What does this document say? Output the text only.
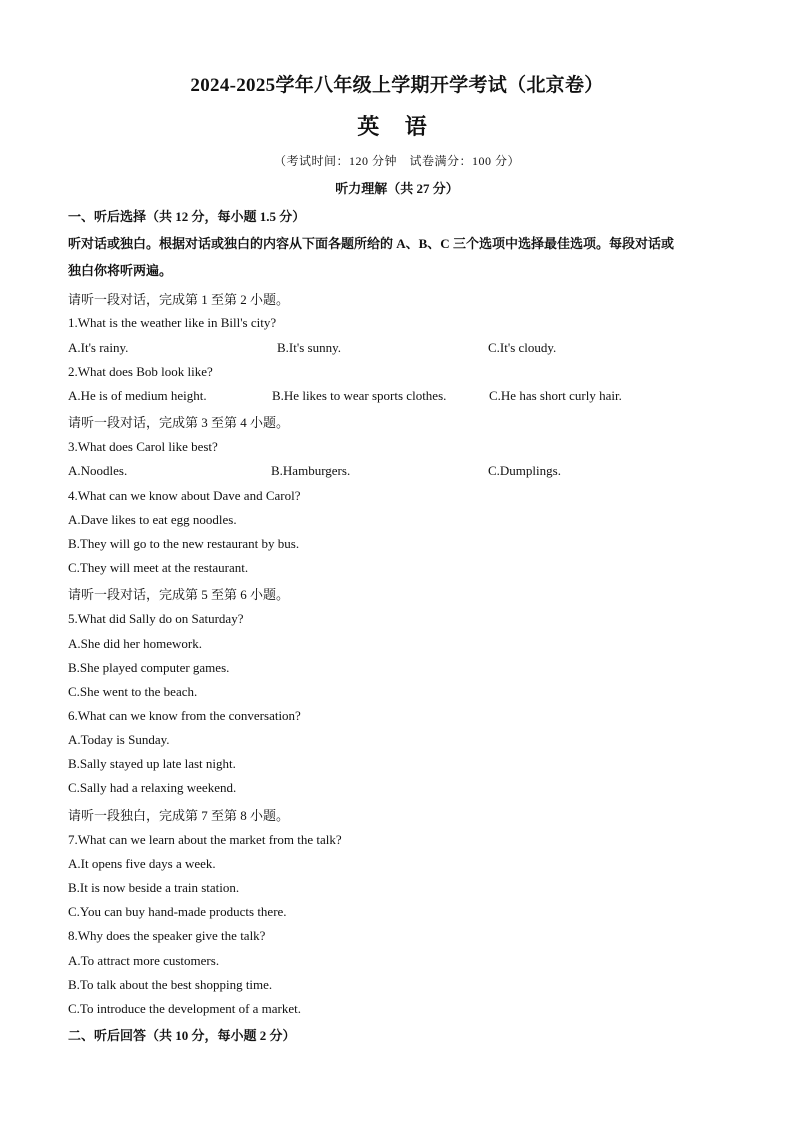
2024-2025学年八年级上学期开学考试（北京卷）
英 语
（考试时间：120 分钟　试卷满分：100 分）
听力理解（共 27 分）
一、听后选择（共 12 分，每小题 1.5 分）
听对话或独白。根据对话或独白的内容从下面各题所给的 A、B、C 三个选项中选择最佳选项。每段对话或
独白你将听两遍。
请听一段对话，完成第 1 至第 2 小题。
1.What is the weather like in Bill's city?
A.It's rainy.	B.It's sunny.	C.It's cloudy.
2.What does Bob look like?
A.He is of medium height.	B.He likes to wear sports clothes.	C.He has short curly hair.
请听一段对话，完成第 3 至第 4 小题。
3.What does Carol like best?
A.Noodles.	B.Hamburgers.	C.Dumplings.
4.What can we know about Dave and Carol?
A.Dave likes to eat egg noodles.
B.They will go to the new restaurant by bus.
C.They will meet at the restaurant.
请听一段对话，完成第 5 至第 6 小题。
5.What did Sally do on Saturday?
A.She did her homework.
B.She played computer games.
C.She went to the beach.
6.What can we know from the conversation?
A.Today is Sunday.
B.Sally stayed up late last night.
C.Sally had a relaxing weekend.
请听一段独白，完成第 7 至第 8 小题。
7.What can we learn about the market from the talk?
A.It opens five days a week.
B.It is now beside a train station.
C.You can buy hand-made products there.
8.Why does the speaker give the talk?
A.To attract more customers.
B.To talk about the best shopping time.
C.To introduce the development of a market.
二、听后回答（共 10 分，每小题 2 分）
